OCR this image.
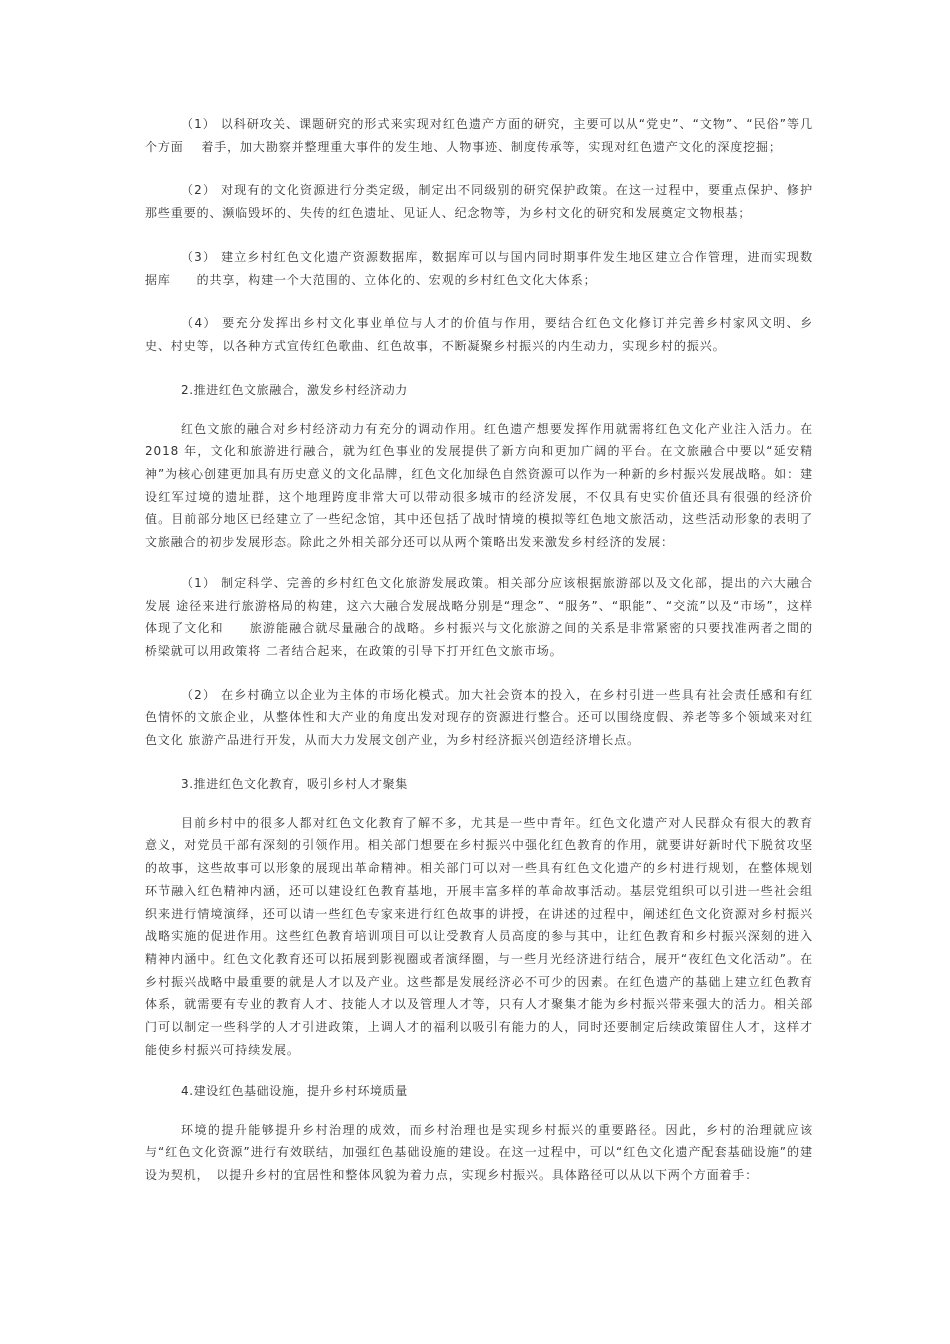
（1） 以科研攻关、课题研究的形式来实现对红色遗产方面的研究，主要可以从“党史”、“文物”、“民俗”等几个方面　 着手，加大勘察并整理重大事件的发生地、人物事迹、制度传承等，实现对红色遗产文化的深度挖掘；

（2） 对现有的文化资源进行分类定级，制定出不同级别的研究保护政策。在这一过程中，要重点保护、修护那些重要的、濒临毁坏的、失传的红色遗址、见证人、纪念物等，为乡村文化的研究和发展奠定文物根基；

（3） 建立乡村红色文化遗产资源数据库，数据库可以与国内同时期事件发生地区建立合作管理，进而实现数据库　　的共享，构建一个大范围的、立体化的、宏观的乡村红色文化大体系；

（4） 要充分发挥出乡村文化事业单位与人才的价值与作用，要结合红色文化修订并完善乡村家风文明、乡史、村史等，以各种方式宣传红色歌曲、红色故事，不断凝聚乡村振兴的内生动力，实现乡村的振兴。

2.推进红色文旅融合，激发乡村经济动力

红色文旅的融合对乡村经济动力有充分的调动作用。红色遗产想要发挥作用就需将红色文化产业注入活力。在 2018 年，文化和旅游进行融合，就为红色事业的发展提供了新方向和更加广阔的平台。在文旅融合中要以“延安精神”为核心创建更加具有历史意义的文化品牌，红色文化加绿色自然资源可以作为一种新的乡村振兴发展战略。如：建设红军过境的遗址群，这个地理跨度非常大可以带动很多城市的经济发展，不仅具有史实价值还具有很强的经济价值。目前部分地区已经建立了一些纪念馆，其中还包括了战时情境的模拟等红色地文旅活动，这些活动形象的表明了文旅融合的初步发展形态。除此之外相关部分还可以从两个策略出发来激发乡村经济的发展：

（1） 制定科学、完善的乡村红色文化旅游发展政策。相关部分应该根据旅游部以及文化部，提出的六大融合发展 途径来进行旅游格局的构建，这六大融合发展战略分别是“理念”、“服务”、“职能”、“交流”以及“市场”，这样体现了文化和　　旅游能融合就尽量融合的战略。乡村振兴与文化旅游之间的关系是非常紧密的只要找准两者之間的桥梁就可以用政策将 二者结合起来，在政策的引导下打开红色文旅市场。

（2） 在乡村确立以企业为主体的市场化模式。加大社会资本的投入，在乡村引进一些具有社会责任感和有红色情怀的文旅企业，从整体性和大产业的角度出发对现存的资源进行整合。还可以围绕度假、养老等多个领域来对红色文化 旅游产品进行开发，从而大力发展文创产业，为乡村经济振兴创造经济增长点。

3.推进红色文化教育，吸引乡村人才聚集

目前乡村中的很多人都对红色文化教育了解不多，尤其是一些中青年。红色文化遗产对人民群众有很大的教育意义，对党员干部有深刻的引领作用。相关部门想要在乡村振兴中强化红色教育的作用，就要讲好新时代下脱贫攻坚的故事，这些故事可以形象的展现出革命精神。相关部门可以对一些具有红色文化遗产的乡村进行规划，在整体规划环节融入红色精神内涵，还可以建设红色教育基地，开展丰富多样的革命故事活动。基层党组织可以引进一些社会组织来进行情境演绎，还可以请一些红色专家来进行红色故事的讲授，在讲述的过程中，阐述红色文化资源对乡村振兴战略实施的促进作用。这些红色教育培训项目可以让受教育人员高度的参与其中，让红色教育和乡村振兴深刻的进入精神内涵中。红色文化教育还可以拓展到影视圈或者演绎圈，与一些月光经济进行结合，展开“夜红色文化活动”。在乡村振兴战略中最重要的就是人才以及产业。这些都是发展经济必不可少的因素。在红色遗产的基础上建立红色教育体系，就需要有专业的教育人才、技能人才以及管理人才等，只有人才聚集才能为乡村振兴带来强大的活力。相关部门可以制定一些科学的人才引进政策，上调人才的福利以吸引有能力的人，同时还要制定后续政策留住人才，这样才能使乡村振兴可持续发展。

4.建设红色基础设施，提升乡村环境质量

环境的提升能够提升乡村治理的成效，而乡村治理也是实现乡村振兴的重要路径。因此，乡村的治理就应该与“红色文化资源”进行有效联结，加强红色基础设施的建设。在这一过程中，可以“红色文化遗产配套基础设施”的建设为契机，　以提升乡村的宜居性和整体风貌为着力点，实现乡村振兴。具体路径可以从以下两个方面着手：
